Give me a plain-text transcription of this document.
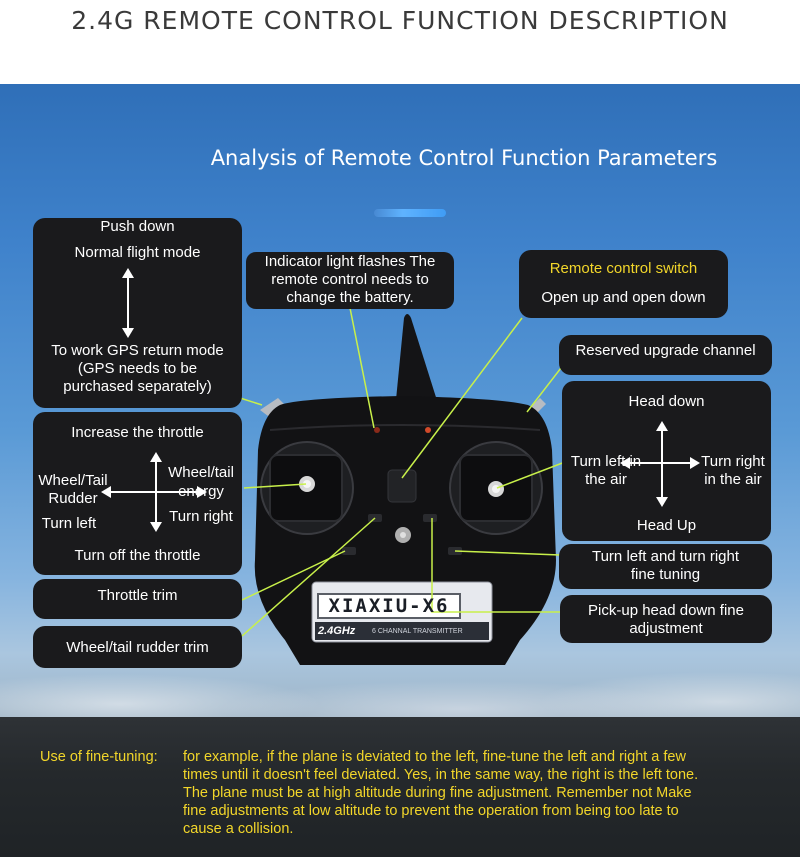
2.4G REMOTE CONTROL FUNCTION DESCRIPTION
Analysis of Remote Control Function Parameters
XIAXIU-X6
2.4GHz	6 CHANNAL TRANSMITTER
Push down
Normal flight mode
To work GPS return mode
(GPS needs to be
purchased separately)
Indicator light flashes The
remote control needs to
change the battery.
Remote control switch
Open up and open down
Reserved upgrade channel
Increase the throttle
Wheel/Tail
Rudder
Turn left
Wheel/tail
energy
Turn right
Turn off the throttle
Head down
Turn left in
the air
Turn right
in the air
Head Up
Turn left and turn right
fine tuning
Throttle trim
Pick-up head down fine
adjustment
Wheel/tail rudder trim
Use of fine-tuning: for example, if the plane is deviated to the left, fine-tune the left and right a few
times until it doesn't feel deviated. Yes, in the same way, the right is the left tone.
The plane must be at high altitude during fine adjustment. Remember not Make
fine adjustments at low altitude to prevent the operation from being too late to
cause a collision.
